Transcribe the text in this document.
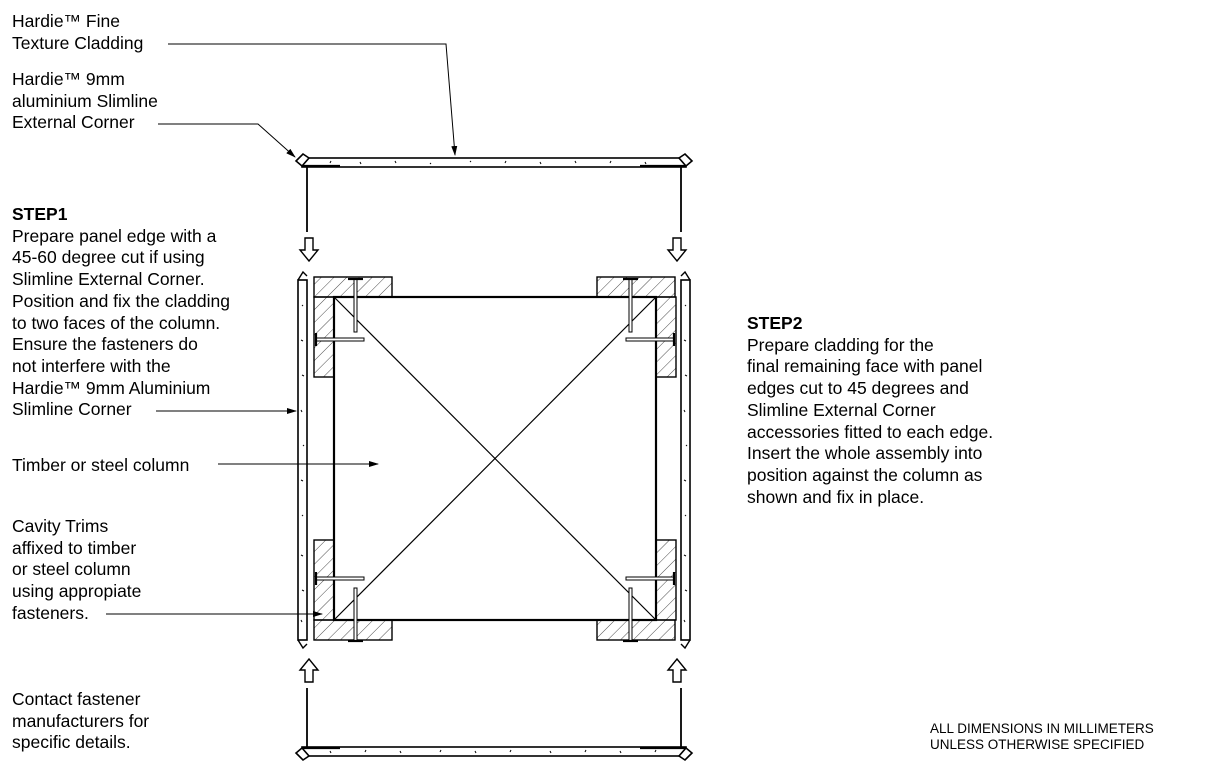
Hardie™ Fine
Texture Cladding
Hardie™ 9mm
aluminium Slimline
External Corner
STEP1
Prepare panel edge with a
45-60 degree cut if using
Slimline External Corner.
Position and fix the cladding
to two faces of the column.
Ensure the fasteners do
not interfere with the
Hardie™ 9mm Aluminium
Slimline Corner
Timber or steel column
Cavity Trims
affixed to timber
or steel column
using appropiate
fasteners.
Contact fastener
manufacturers for
specific details.
STEP2
Prepare cladding for the
final remaining face with panel
edges cut to 45 degrees and
Slimline External Corner
accessories fitted to each edge.
Insert the whole assembly into
position against the column as
shown and fix in place.
ALL DIMENSIONS IN MILLIMETERS
UNLESS OTHERWISE SPECIFIED
